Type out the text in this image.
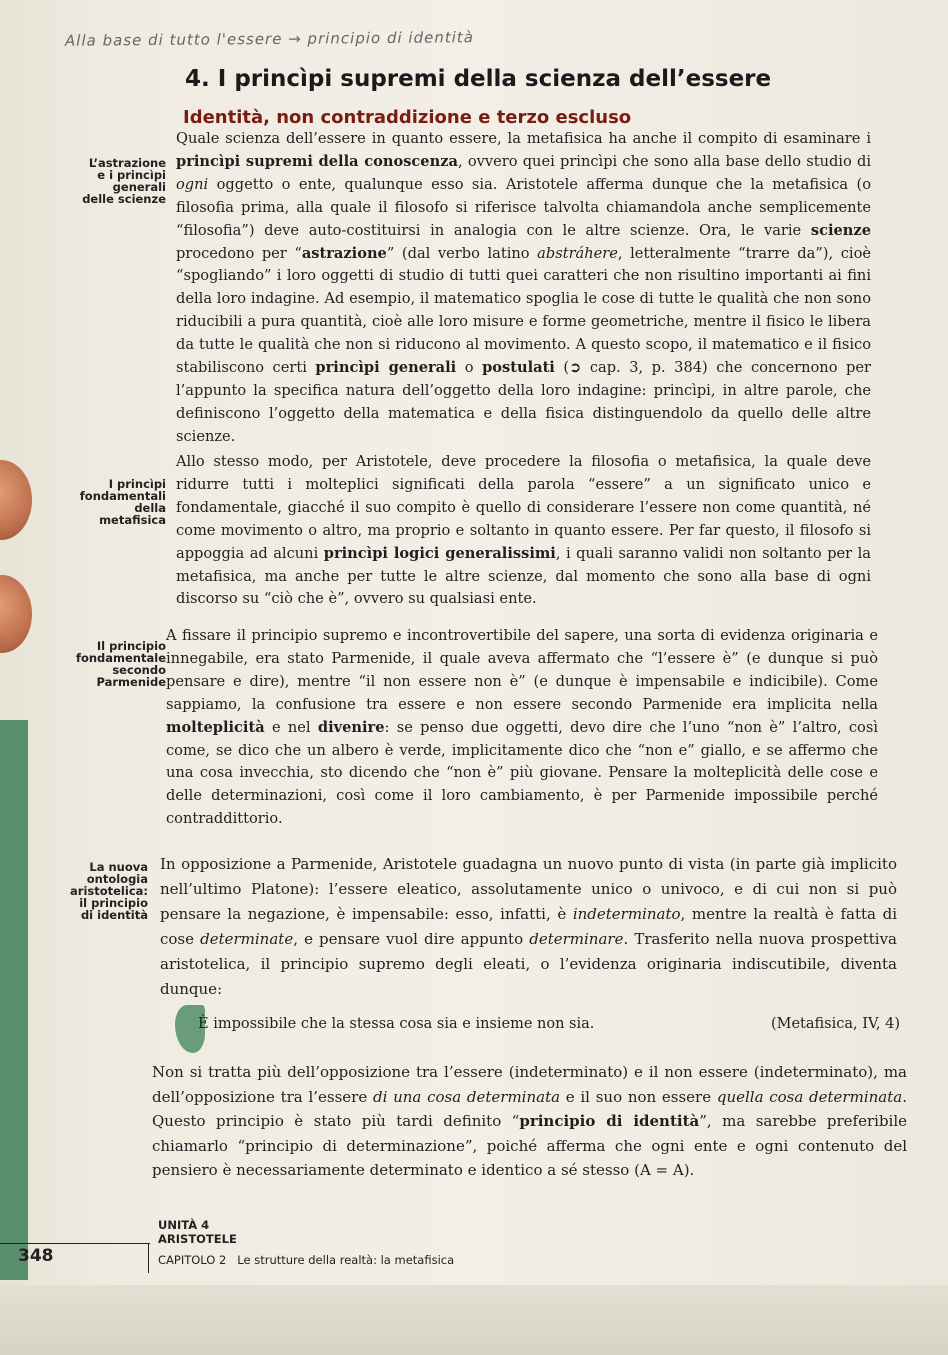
Alla base di tutto l'essere → principio di identità
4. I princìpi supremi della scienza dell’essere
Identità, non contraddizione e terzo escluso
L’astrazione
e i princìpi
generali
delle scienze
I princìpi
fondamentali
della
metafisica
Il principio
fondamentale
secondo
Parmenide
La nuova
ontologia
aristotelica:
il principio
di identità
Quale scienza dell’essere in quanto essere, la metafisica ha anche il compito di esaminare i princìpi supremi della conoscenza, ovvero quei princìpi che sono alla base dello studio di ogni oggetto o ente, qualunque esso sia. Aristotele afferma dunque che la metafisica (o filosofia prima, alla quale il filosofo si riferisce talvolta chiamandola anche semplicemente “filosofia”) deve auto-costituirsi in analogia con le altre scienze. Ora, le varie scienze procedono per “astrazione” (dal verbo latino abstráhere, letteralmente “trarre da”), cioè “spogliando” i loro oggetti di studio di tutti quei caratteri che non risultino importanti ai fini della loro indagine. Ad esempio, il matematico spoglia le cose di tutte le qualità che non sono riducibili a pura quantità, cioè alle loro misure e forme geometriche, mentre il fisico le libera da tutte le qualità che non si riducono al movimento. A questo scopo, il matematico e il fisico stabiliscono certi princìpi generali o postulati (➲ cap. 3, p. 384) che concernono per l’appunto la specifica natura dell’oggetto della loro indagine: princìpi, in altre parole, che definiscono l’oggetto della matematica e della fisica distinguendolo da quello delle altre scienze.
Allo stesso modo, per Aristotele, deve procedere la filosofia o metafisica, la quale deve ridurre tutti i molteplici significati della parola “essere” a un significato unico e fondamentale, giacché il suo compito è quello di considerare l’essere non come quantità, né come movimento o altro, ma proprio e soltanto in quanto essere. Per far questo, il filosofo si appoggia ad alcuni princìpi logici generalissimi, i quali saranno validi non soltanto per la metafisica, ma anche per tutte le altre scienze, dal momento che sono alla base di ogni discorso su “ciò che è”, ovvero su qualsiasi ente.
A fissare il principio supremo e incontrovertibile del sapere, una sorta di evidenza originaria e innegabile, era stato Parmenide, il quale aveva affermato che “l’essere è” (e dunque si può pensare e dire), mentre “il non essere non è” (e dunque è impensabile e indicibile). Come sappiamo, la confusione tra essere e non essere secondo Parmenide era implicita nella molteplicità e nel divenire: se penso due oggetti, devo dire che l’uno “non è” l’altro, così come, se dico che un albero è verde, implicitamente dico che “non e” giallo, e se affermo che una cosa invecchia, sto dicendo che “non è” più giovane. Pensare la molteplicità delle cose e delle determinazioni, così come il loro cambiamento, è per Parmenide impossibile perché contraddittorio.
In opposizione a Parmenide, Aristotele guadagna un nuovo punto di vista (in parte già implicito nell’ultimo Platone): l’essere eleatico, assolutamente unico o univoco, e di cui non si può pensare la negazione, è impensabile: esso, infatti, è indeterminato, mentre la realtà è fatta di cose determinate, e pensare vuol dire appunto determinare. Trasferito nella nuova prospettiva aristotelica, il principio supremo degli eleati, o l’evidenza originaria indiscutibile, diventa dunque:
È impossibile che la stessa cosa sia e insieme non sia.	(Metafisica, IV, 4)
Non si tratta più dell’opposizione tra l’essere (indeterminato) e il non essere (indeterminato), ma dell’opposizione tra l’essere di una cosa determinata e il suo non essere quella cosa determinata. Questo principio è stato più tardi definito “principio di identità”, ma sarebbe preferibile chiamarlo “principio di determinazione”, poiché afferma che ogni ente e ogni contenuto del pensiero è necessariamente determinato e identico a sé stesso (A = A).
348
UNITÀ 4
ARISTOTELE
CAPITOLO 2 Le strutture della realtà: la metafisica
